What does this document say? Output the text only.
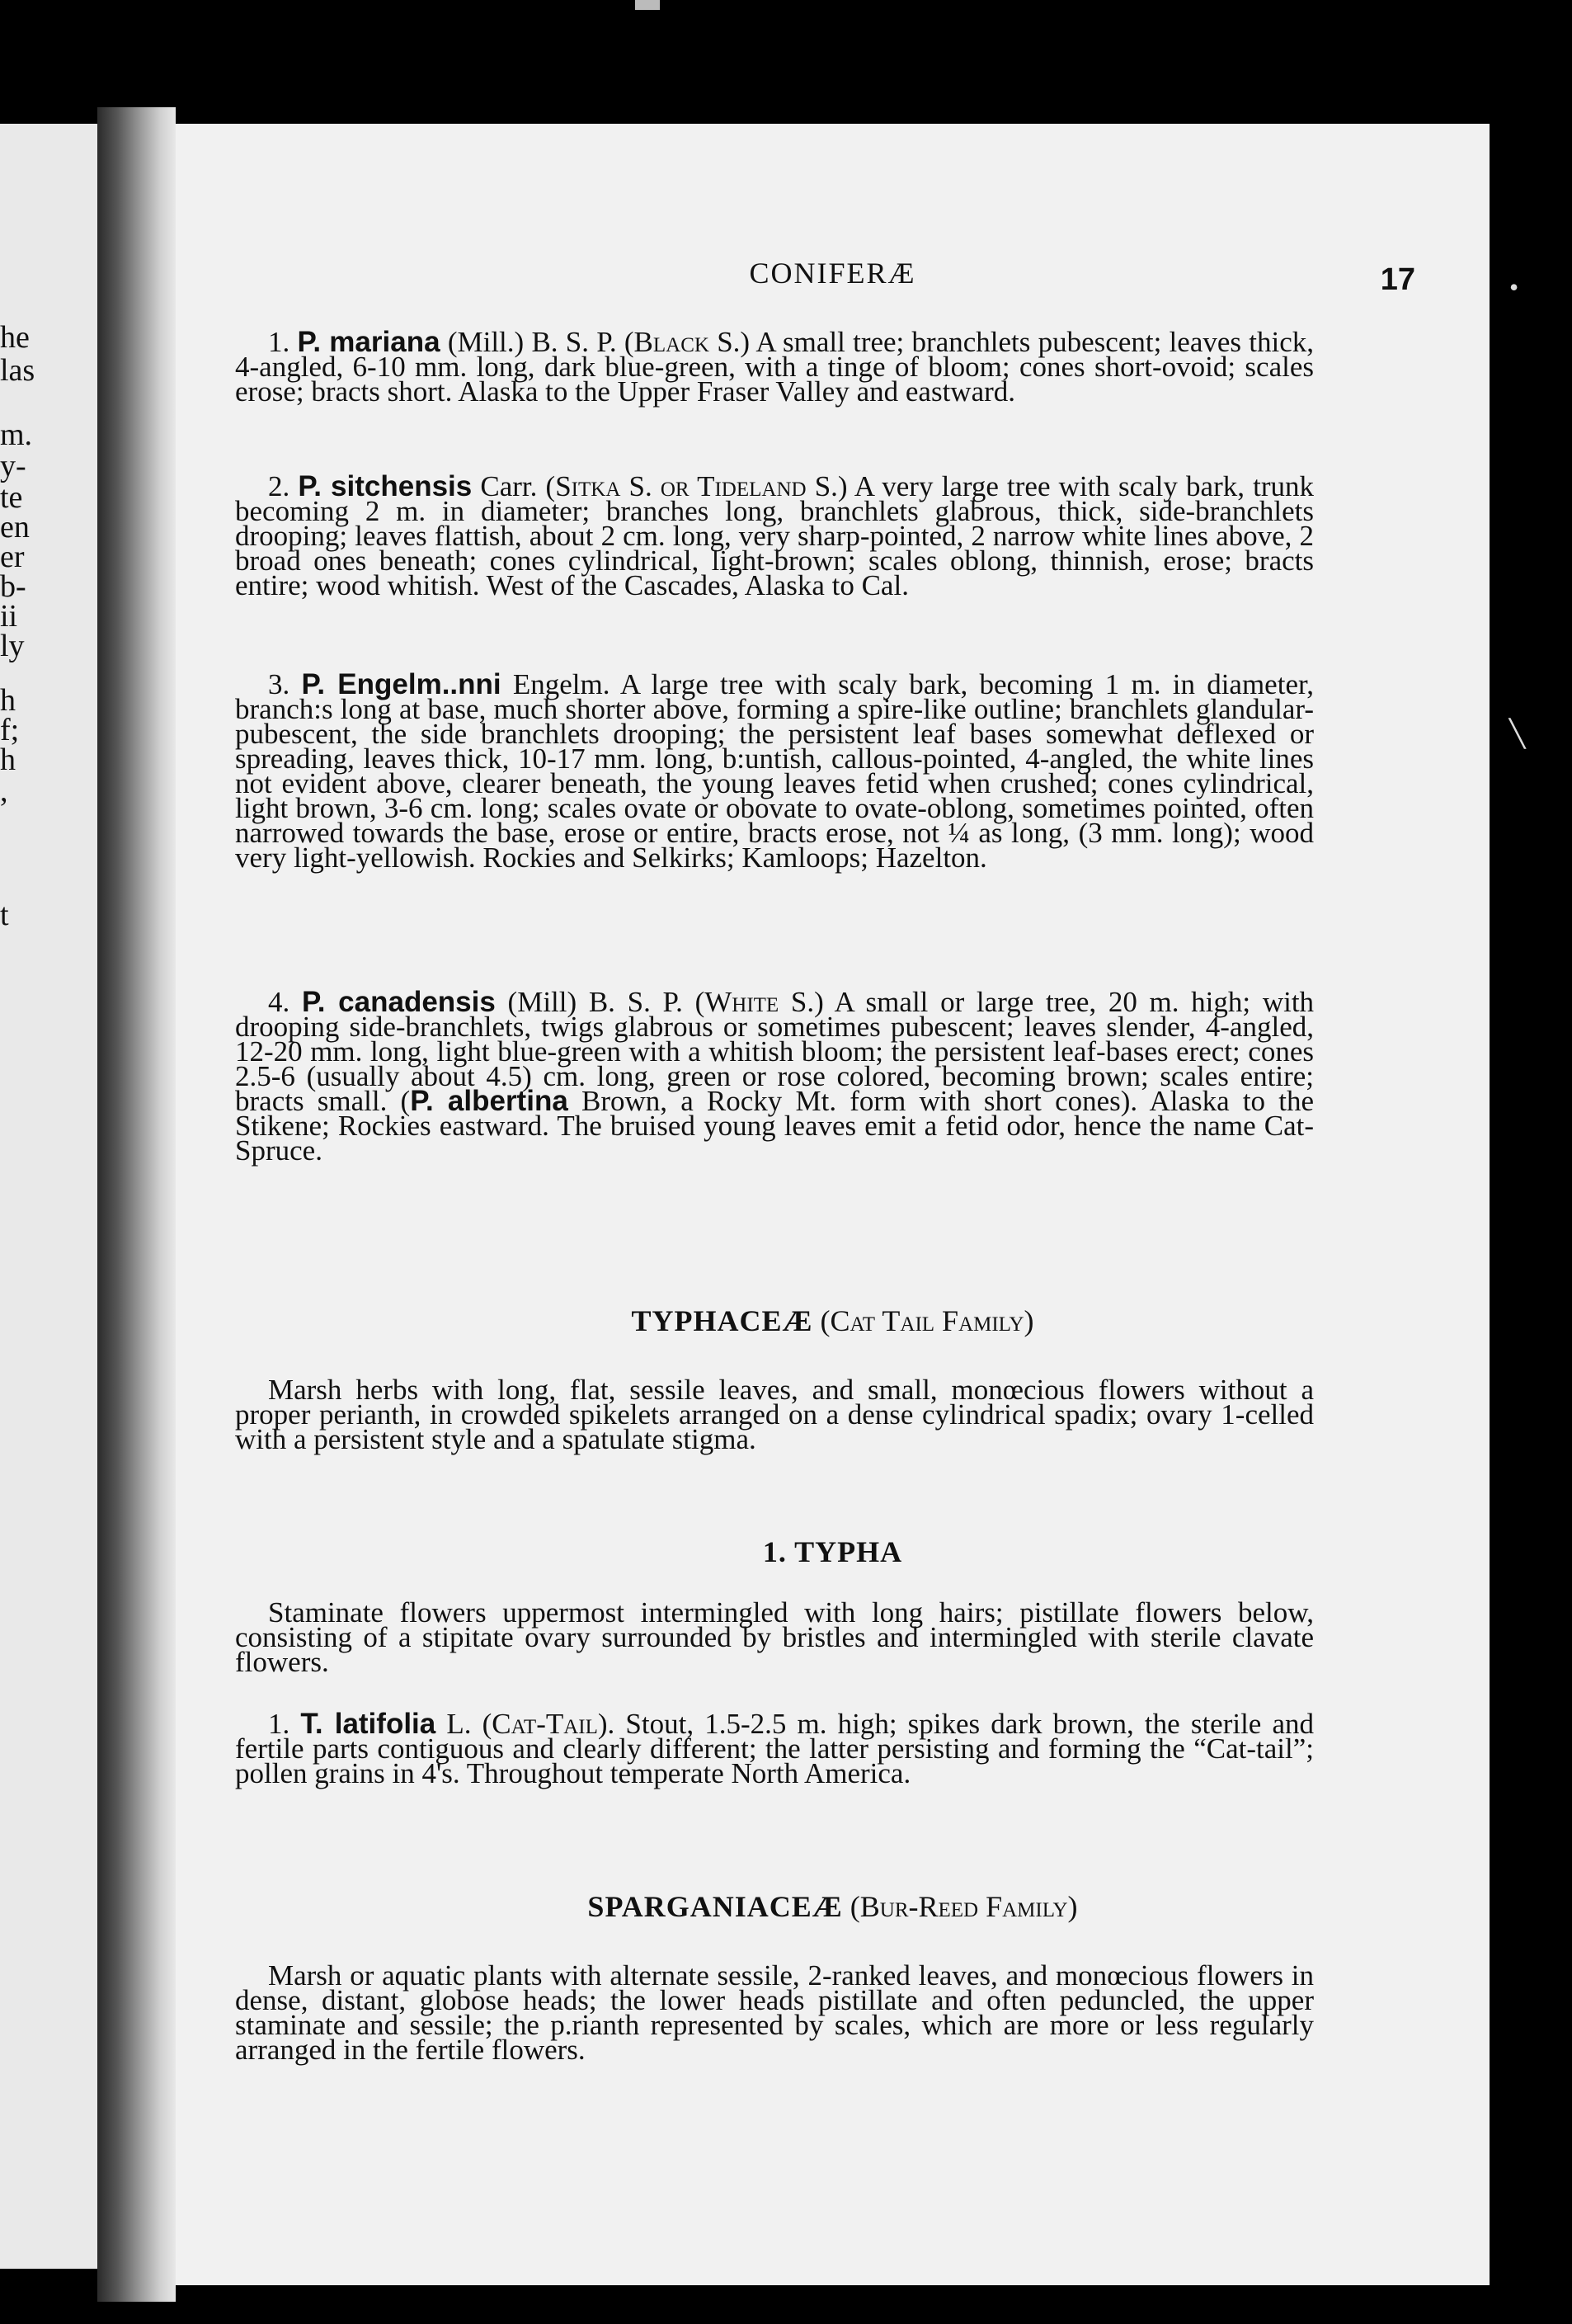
he
las
m.
y-
te
en
er
b-
ii
ly
h
f;
h
,
t
•
╲
CONIFERÆ	17

1. P. mariana (Mill.) B. S. P. (Black S.) A small tree; branchlets pubescent; leaves thick, 4-angled, 6-10 mm. long, dark blue-green, with a tinge of bloom; cones short-ovoid; scales erose; bracts short. Alaska to the Upper Fraser Valley and eastward.

2. P. sitchensis Carr. (Sitka S. or Tideland S.) A very large tree with scaly bark, trunk becoming 2 m. in diameter; branches long, branchlets glabrous, thick, side-branchlets drooping; leaves flattish, about 2 cm. long, very sharp-pointed, 2 narrow white lines above, 2 broad ones beneath; cones cylindrical, light-brown; scales oblong, thinnish, erose; bracts entire; wood whitish. West of the Cascades, Alaska to Cal.

3. P. Engelm..nni Engelm. A large tree with scaly bark, becoming 1 m. in diameter, branch:s long at base, much shorter above, forming a spire-like outline; branchlets glandular-pubescent, the side branchlets drooping; the persistent leaf bases somewhat deflexed or spreading, leaves thick, 10-17 mm. long, b:untish, callous-pointed, 4-angled, the white lines not evident above, clearer beneath, the young leaves fetid when crushed; cones cylindrical, light brown, 3-6 cm. long; scales ovate or obovate to ovate-oblong, sometimes pointed, often narrowed towards the base, erose or entire, bracts erose, not ¼ as long, (3 mm. long); wood very light-yellowish. Rockies and Selkirks; Kamloops; Hazelton.

4. P. canadensis (Mill) B. S. P. (White S.) A small or large tree, 20 m. high; with drooping side-branchlets, twigs glabrous or sometimes pubescent; leaves slender, 4-angled, 12-20 mm. long, light blue-green with a whitish bloom; the persistent leaf-bases erect; cones 2.5-6 (usually about 4.5) cm. long, green or rose colored, becoming brown; scales entire; bracts small. (P. albertina Brown, a Rocky Mt. form with short cones). Alaska to the Stikene; Rockies eastward. The bruised young leaves emit a fetid odor, hence the name Cat-Spruce.

TYPHACEÆ (Cat Tail Family)

Marsh herbs with long, flat, sessile leaves, and small, monœcious flowers without a proper perianth, in crowded spikelets arranged on a dense cylindrical spadix; ovary 1-celled with a persistent style and a spatulate stigma.

1. TYPHA

Staminate flowers uppermost intermingled with long hairs; pistillate flowers below, consisting of a stipitate ovary surrounded by bristles and intermingled with sterile clavate flowers.

1. T. latifolia L. (Cat-Tail). Stout, 1.5-2.5 m. high; spikes dark brown, the sterile and fertile parts contiguous and clearly different; the latter persisting and forming the “Cat-tail”; pollen grains in 4's. Throughout temperate North America.

SPARGANIACEÆ (Bur-Reed Family)

Marsh or aquatic plants with alternate sessile, 2-ranked leaves, and monœcious flowers in dense, distant, globose heads; the lower heads pistillate and often peduncled, the upper staminate and sessile; the p.rianth represented by scales, which are more or less regularly arranged in the fertile flowers.
